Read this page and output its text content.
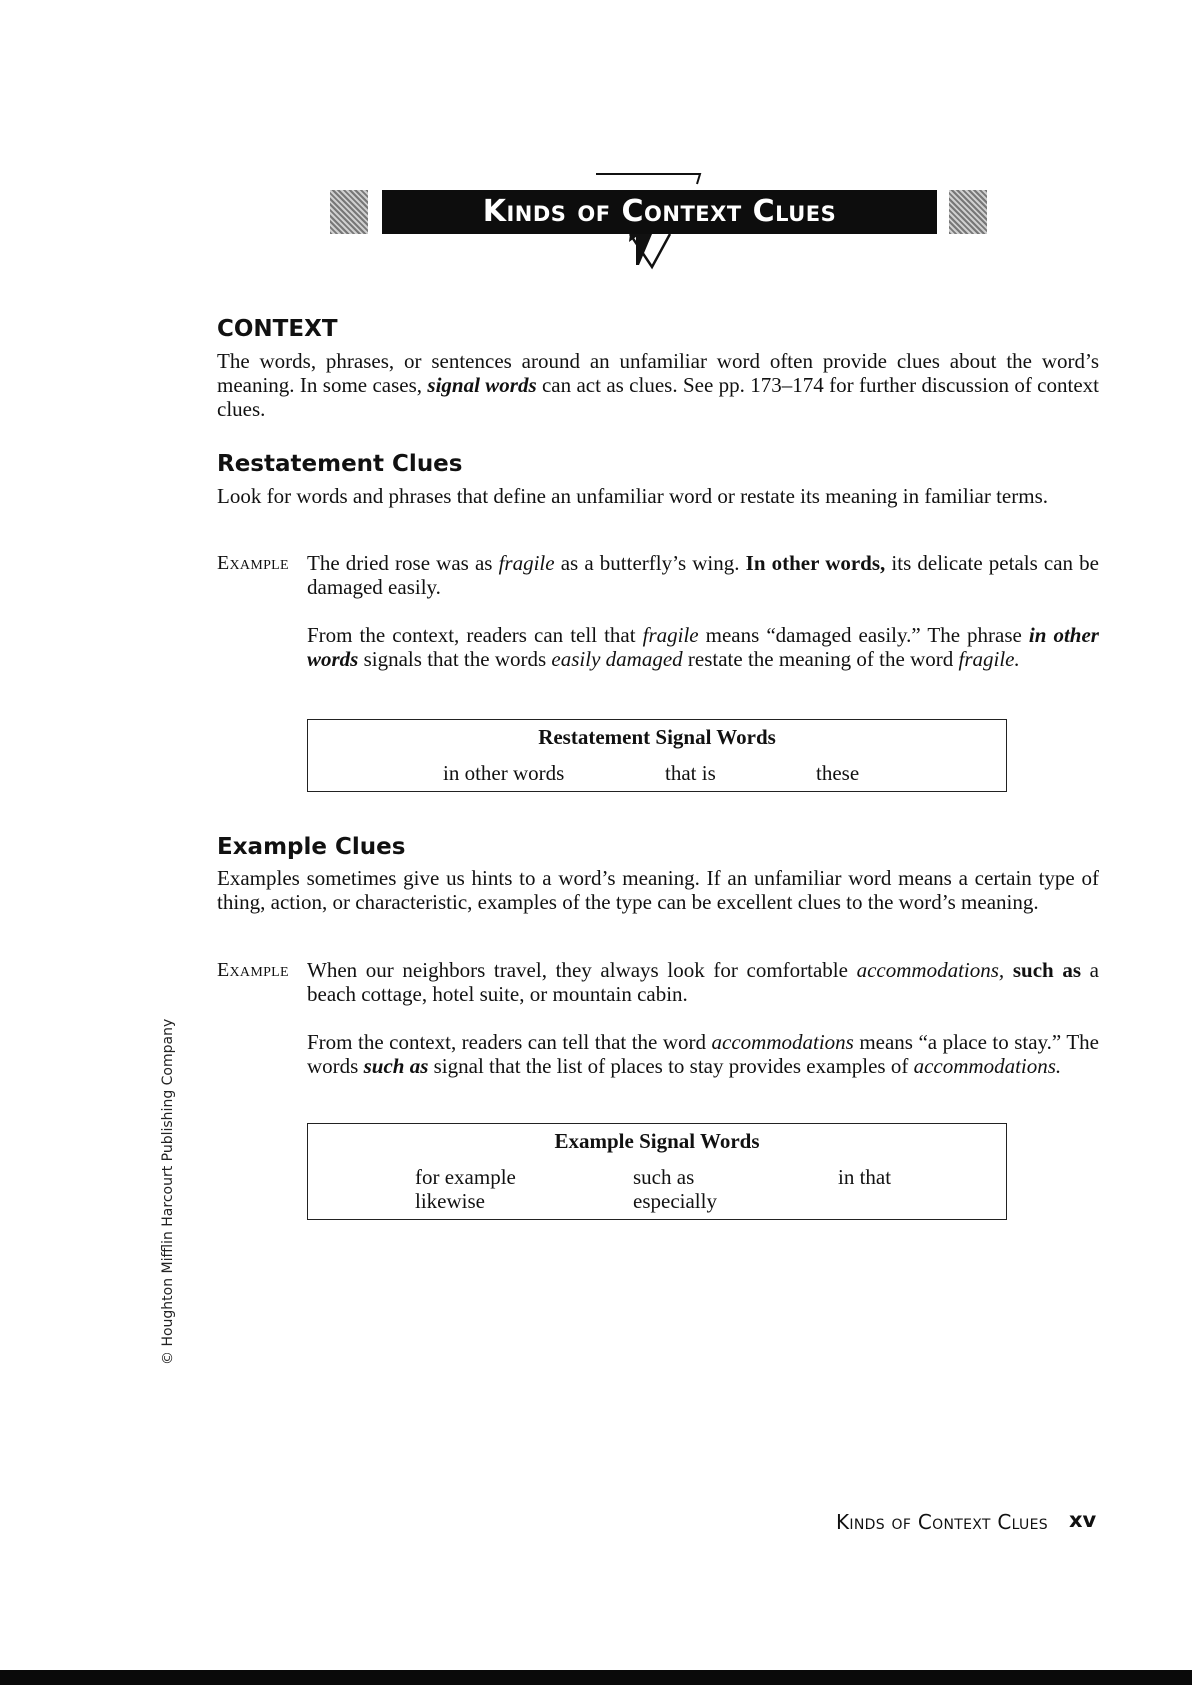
Kinds of Context Clues
CONTEXT

The words, phrases, or sentences around an unfamiliar word often provide clues about the word’s meaning. In some cases, signal words can act as clues. See pp. 173–174 for further discussion of context clues.

Restatement Clues

Look for words and phrases that define an unfamiliar word or restate its meaning in familiar terms.

Example The dried rose was as fragile as a butterfly’s wing. In other words, its delicate petals can be damaged easily.

From the context, readers can tell that fragile means “damaged easily.” The phrase in other words signals that the words easily damaged restate the meaning of the word fragile.

Restatement Signal Words
in other words	that is	these
Example Clues

Examples sometimes give us hints to a word’s meaning. If an unfamiliar word means a certain type of thing, action, or characteristic, examples of the type can be excellent clues to the word’s meaning.

Example When our neighbors travel, they always look for comfortable accommodations, such as a beach cottage, hotel suite, or mountain cabin.

From the context, readers can tell that the word accommodations means “a place to stay.” The words such as signal that the list of places to stay provides examples of accommodations.

Example Signal Words
for example
likewise
such as
especially
in that
© Houghton Mifflin Harcourt Publishing Company
Kinds of Context Clues xv
